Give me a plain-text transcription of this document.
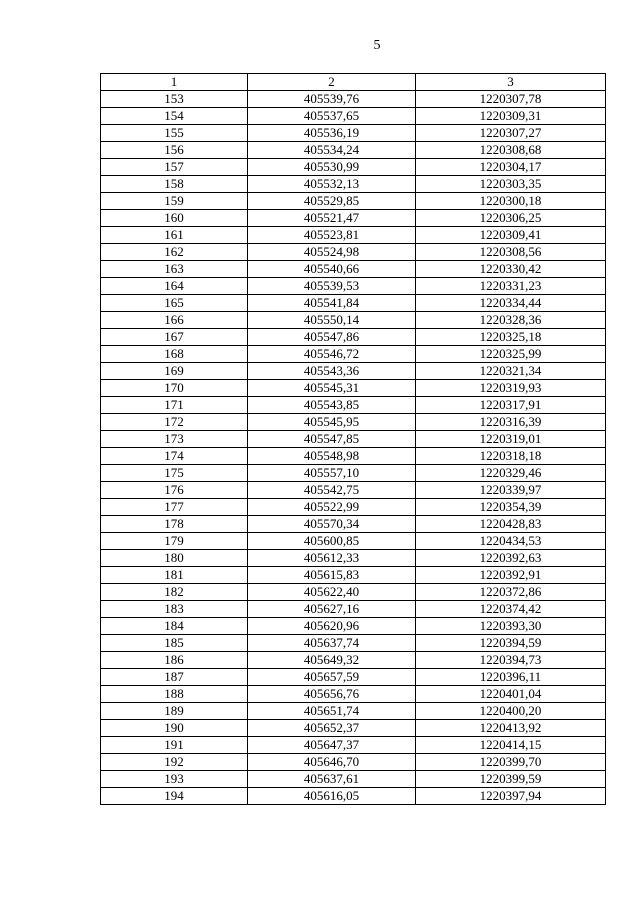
5
1	2	3
153	405539,76	1220307,78
154	405537,65	1220309,31
155	405536,19	1220307,27
156	405534,24	1220308,68
157	405530,99	1220304,17
158	405532,13	1220303,35
159	405529,85	1220300,18
160	405521,47	1220306,25
161	405523,81	1220309,41
162	405524,98	1220308,56
163	405540,66	1220330,42
164	405539,53	1220331,23
165	405541,84	1220334,44
166	405550,14	1220328,36
167	405547,86	1220325,18
168	405546,72	1220325,99
169	405543,36	1220321,34
170	405545,31	1220319,93
171	405543,85	1220317,91
172	405545,95	1220316,39
173	405547,85	1220319,01
174	405548,98	1220318,18
175	405557,10	1220329,46
176	405542,75	1220339,97
177	405522,99	1220354,39
178	405570,34	1220428,83
179	405600,85	1220434,53
180	405612,33	1220392,63
181	405615,83	1220392,91
182	405622,40	1220372,86
183	405627,16	1220374,42
184	405620,96	1220393,30
185	405637,74	1220394,59
186	405649,32	1220394,73
187	405657,59	1220396,11
188	405656,76	1220401,04
189	405651,74	1220400,20
190	405652,37	1220413,92
191	405647,37	1220414,15
192	405646,70	1220399,70
193	405637,61	1220399,59
194	405616,05	1220397,94
